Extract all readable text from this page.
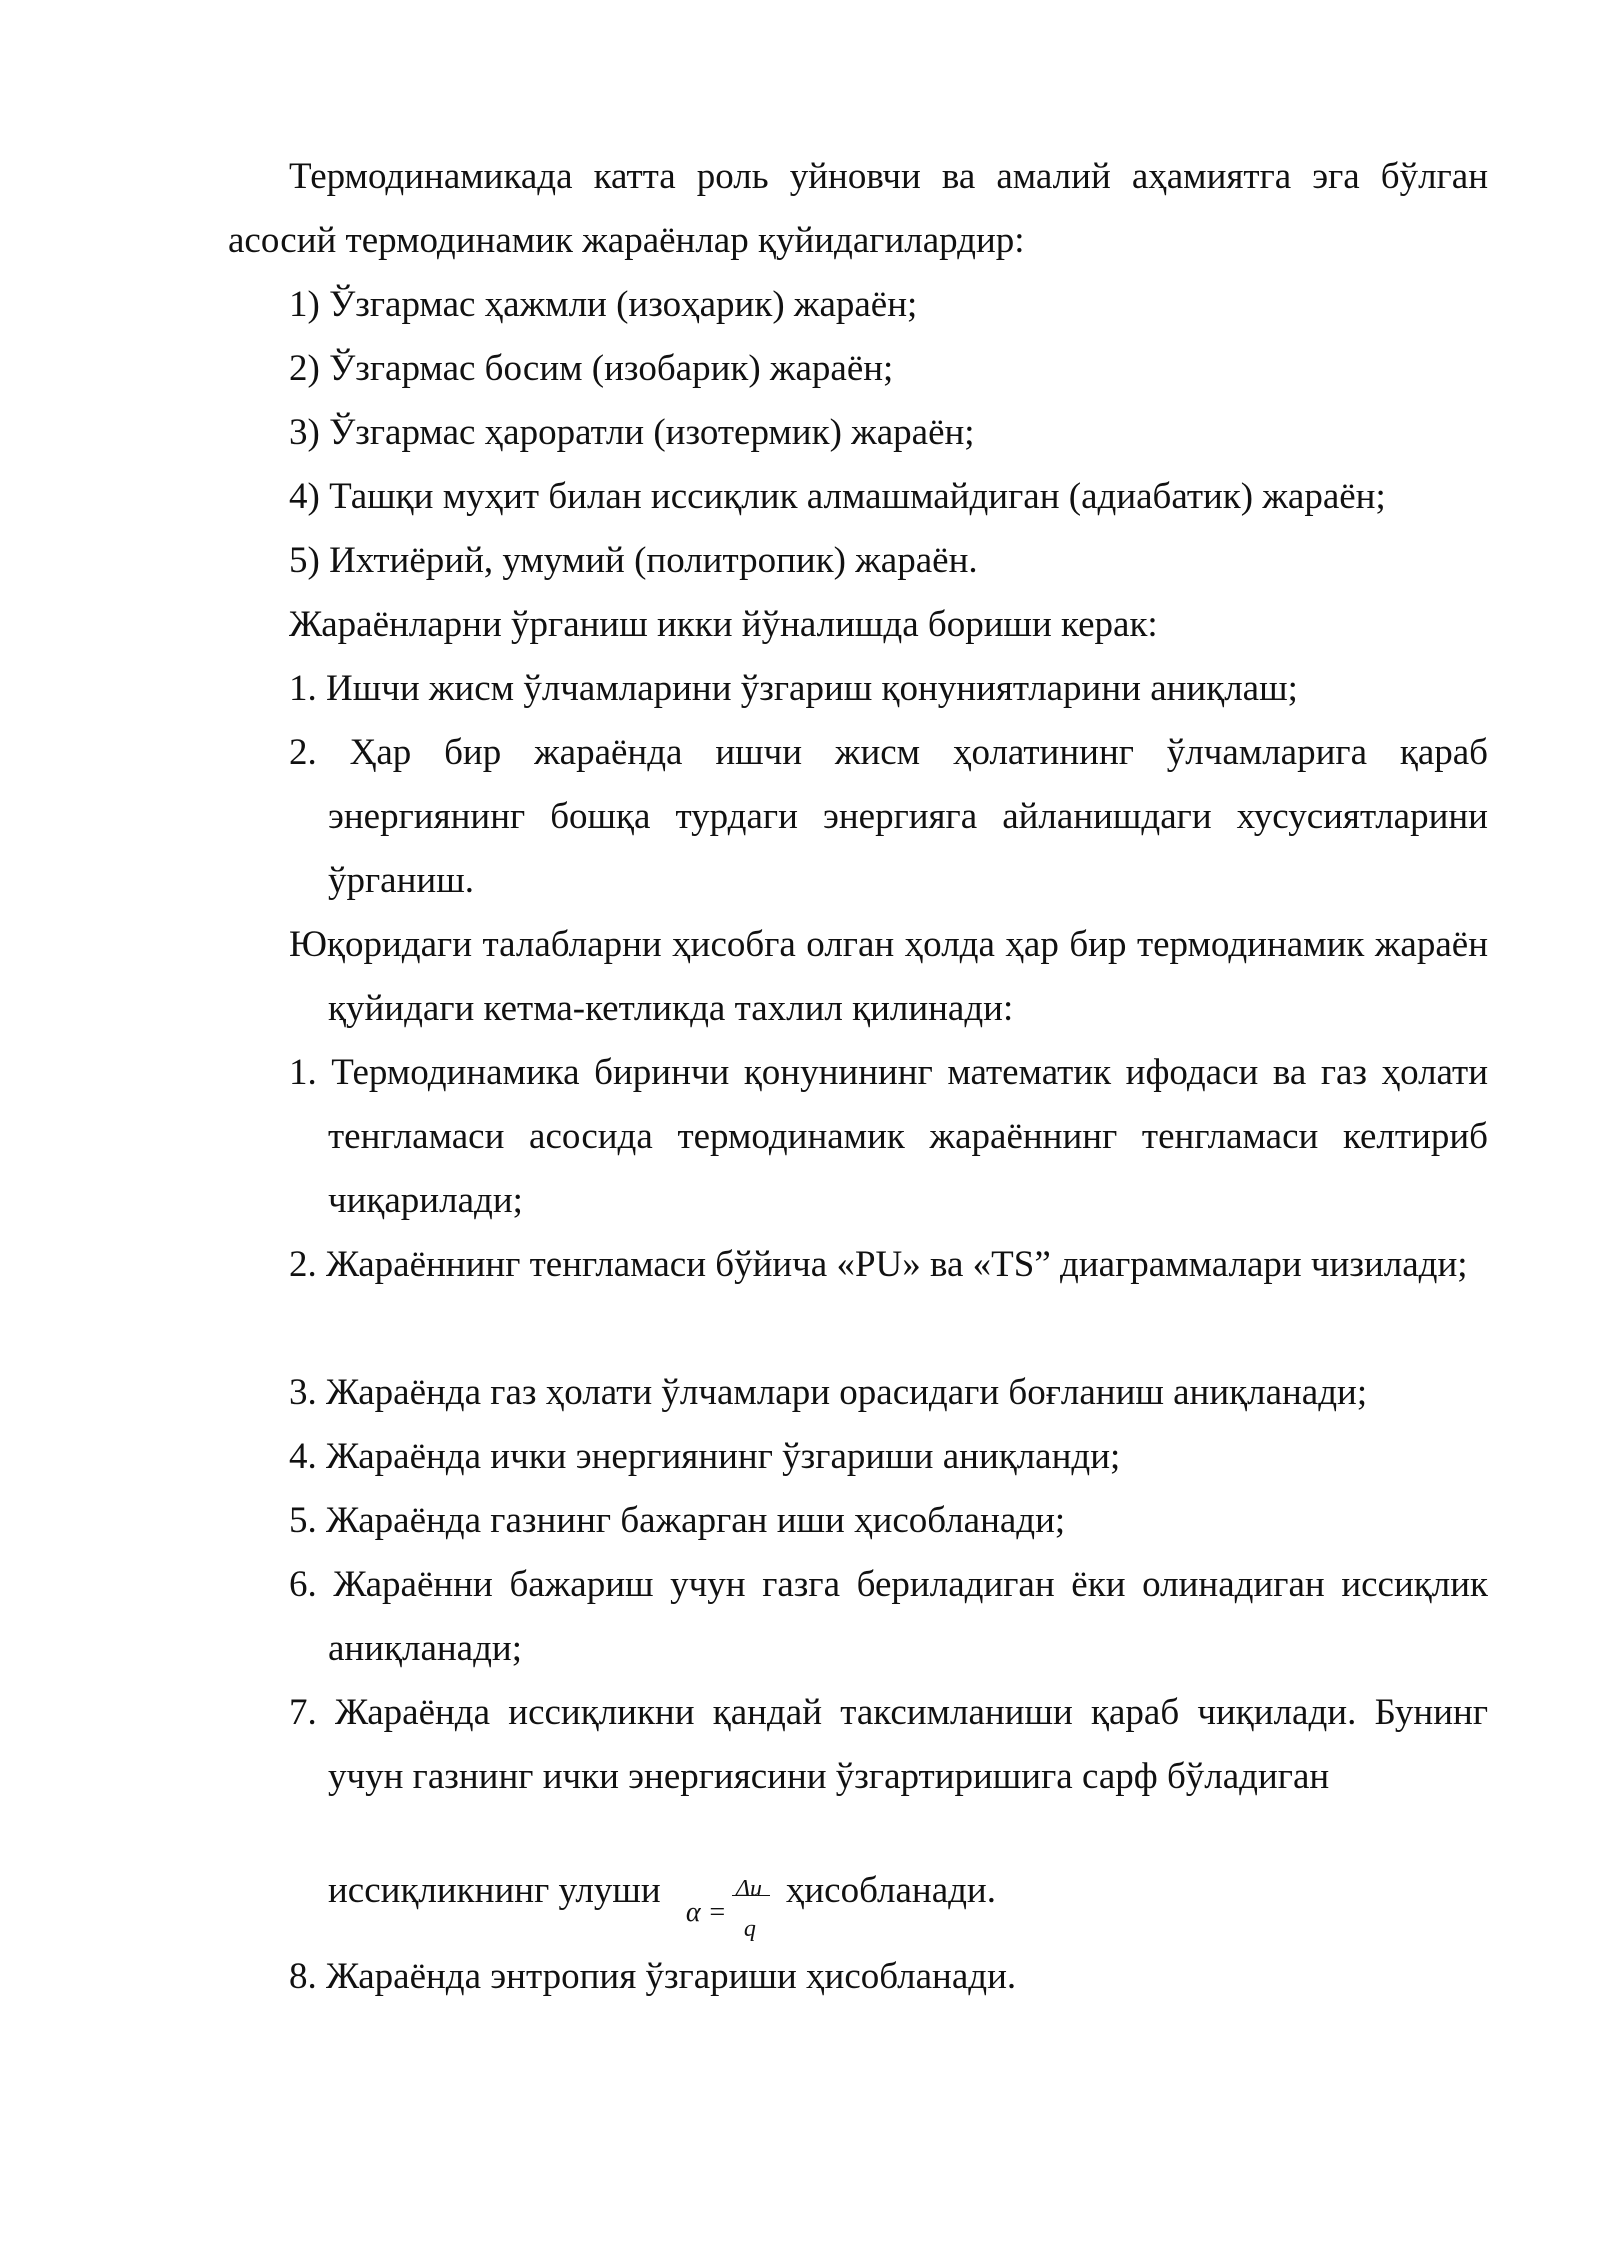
Термодинамикада катта роль уйновчи ва амалий аҳамиятга эга бўлган асосий термодинамик жараёнлар қуйидагилардир:

1) Ўзгармас ҳажмли (изоҳарик) жараён;

2) Ўзгармас босим (изобарик) жараён;

3) Ўзгармас ҳароратли (изотермик) жараён;

4) Ташқи муҳит билан иссиқлик алмашмайдиган (адиабатик) жараён;

5) Ихтиёрий, умумий (политропик) жараён.

Жараёнларни ўрганиш икки йўналишда бориши керак:

1. Ишчи жисм ўлчамларини ўзгариш қонуниятларини аниқлаш;

2. Ҳар бир жараёнда ишчи жисм ҳолатининг ўлчамларига қараб энергиянинг бошқа турдаги энергияга айланишдаги хусусиятларини ўрганиш.

Юқоридаги талабларни ҳисобга олган ҳолда ҳар бир термодинамик жараён қуйидаги кетма-кетликда тахлил қилинади:

1. Термодинамика биринчи қонунининг математик ифодаси ва газ ҳолати тенгламаси асосида термодинамик жараённинг тенгламаси келтириб чиқарилади;

2. Жараённинг тенгламаси бўйича «PU» ва «TS” диаграммалари чизилади;

3. Жараёнда газ ҳолати ўлчамлари орасидаги боғланиш аниқланади;

4. Жараёнда ички энергиянинг ўзгариши аниқланди;

5. Жараёнда газнинг бажарган иши ҳисобланади;

6. Жараённи бажариш учун газга бериладиган ёки олинадиган иссиқлик аниқланади;

7. Жараёнда иссиқликни қандай таксимланиши қараб чиқилади. Бунинг учун газнинг ички энергиясини ўзгартиришига сарф бўладиган

иссиқликнинг улуши
α =
Δu
q
ҳисобланади.

8. Жараёнда энтропия ўзгариши ҳисобланади.
